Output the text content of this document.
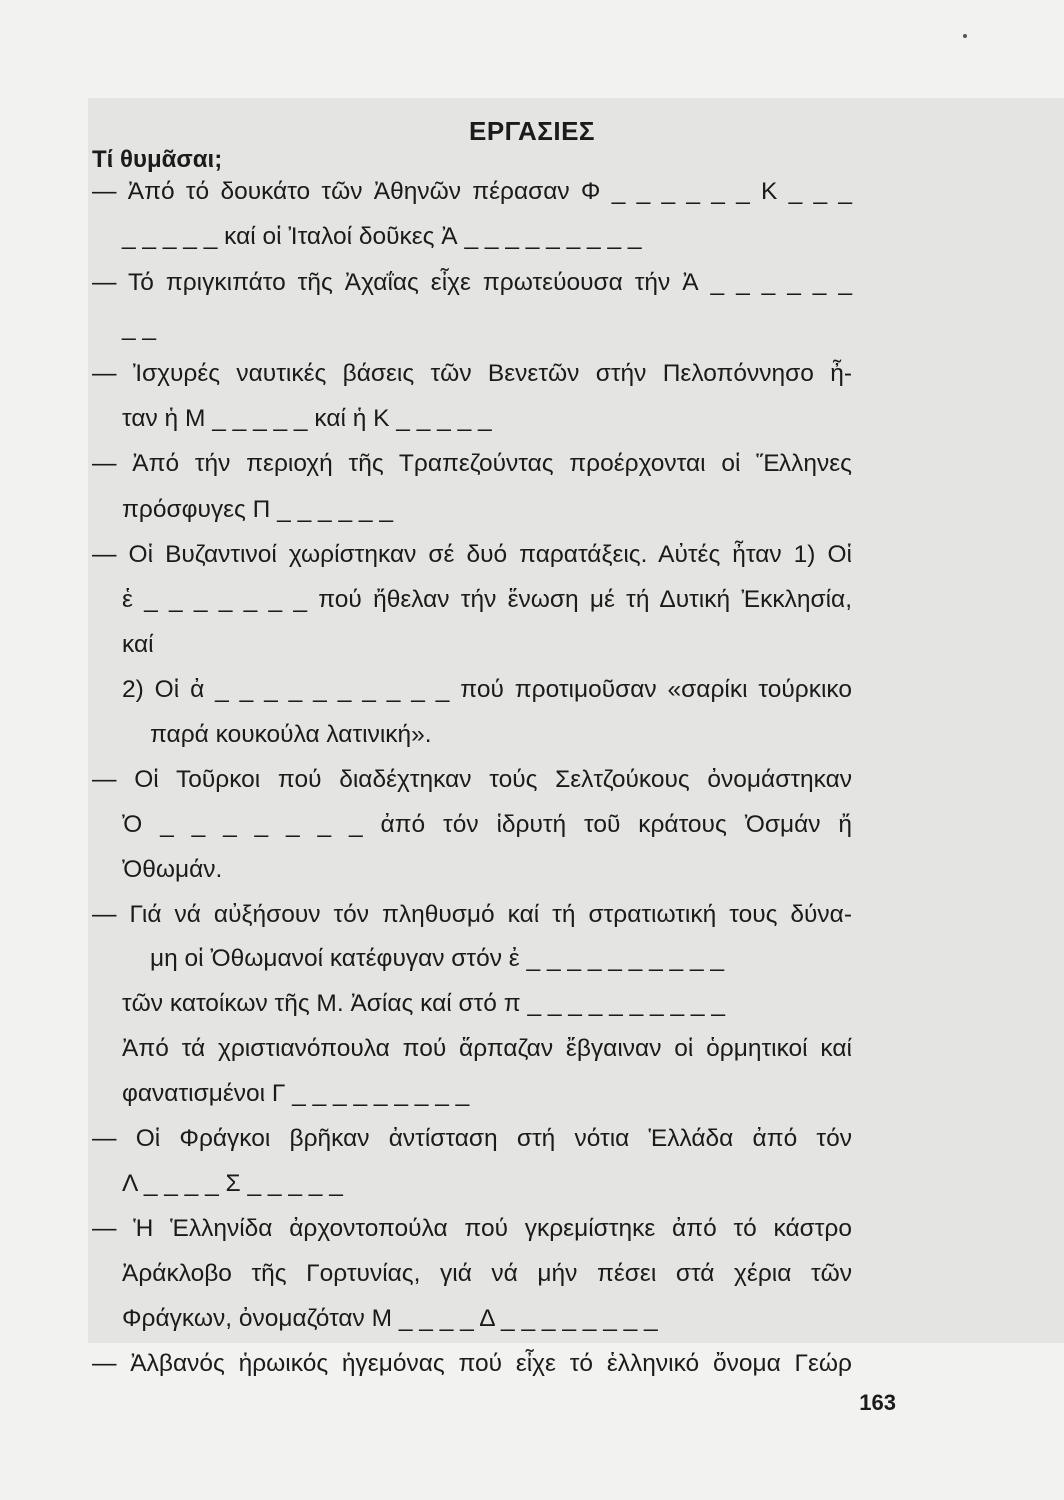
ΕΡΓΑΣΙΕΣ
Τί θυμᾶσαι;
— Ἀπό τό δουκάτο τῶν Ἀθηνῶν πέρασαν Φ _ _ _ _ _ _ Κ _ _ _
_ _ _ _ _ καί οἱ Ἰταλοί δοῦκες Ἀ _ _ _ _ _ _ _ _ _
— Τό πριγκιπάτο τῆς Ἀχαΐας εἶχε πρωτεύουσα τήν Ἀ _ _ _ _ _ _
_ _
— Ἰσχυρές ναυτικές βάσεις τῶν Βενετῶν στήν Πελοπόννησο ἦ-
ταν ἡ Μ _ _ _ _ _ καί ἡ Κ _ _ _ _ _
— Ἀπό τήν περιοχή τῆς Τραπεζούντας προέρχονται οἱ Ἕλληνες
πρόσφυγες Π _ _ _ _ _ _
— Οἱ Βυζαντινοί χωρίστηκαν σέ δυό παρατάξεις. Αὐτές ἦταν 1) Οἱ
ἑ _ _ _ _ _ _ _ πού ἤθελαν τήν ἕνωση μέ τή Δυτική Ἐκκλησία,
καί
2) Οἱ ἀ _ _ _ _ _ _ _ _ _ _ πού προτιμοῦσαν «σαρίκι τούρκικο
παρά κουκούλα λατινική».
— Οἱ Τοῦρκοι πού διαδέχτηκαν τούς Σελτζούκους ὀνομάστηκαν
Ὀ _ _ _ _ _ _ _ ἀπό τόν ἱδρυτή τοῦ κράτους Ὀσμάν ἤ
Ὀθωμάν.
— Γιά νά αὐξήσουν τόν πληθυσμό καί τή στρατιωτική τους δύνα-
μη οἱ Ὀθωμανοί κατέφυγαν στόν ἐ _ _ _ _ _ _ _ _ _ _
τῶν κατοίκων τῆς Μ. Ἀσίας καί στό π _ _ _ _ _ _ _ _ _ _
Ἀπό τά χριστιανόπουλα πού ἅρπαζαν ἔβγαιναν οἱ ὁρμητικοί καί
φανατισμένοι Γ _ _ _ _ _ _ _ _ _
— Οἱ Φράγκοι βρῆκαν ἀντίσταση στή νότια Ἑλλάδα ἀπό τόν
Λ _ _ _ _ Σ _ _ _ _ _
— Ἡ Ἑλληνίδα ἀρχοντοπούλα πού γκρεμίστηκε ἀπό τό κάστρο
Ἀράκλοβο τῆς Γορτυνίας, γιά νά μήν πέσει στά χέρια τῶν
Φράγκων, ὀνομαζόταν Μ _ _ _ _ Δ _ _ _ _ _ _ _ _
— Ἀλβανός ἡρωικός ἡγεμόνας πού εἶχε τό ἑλληνικό ὄνομα Γεώρ
163
